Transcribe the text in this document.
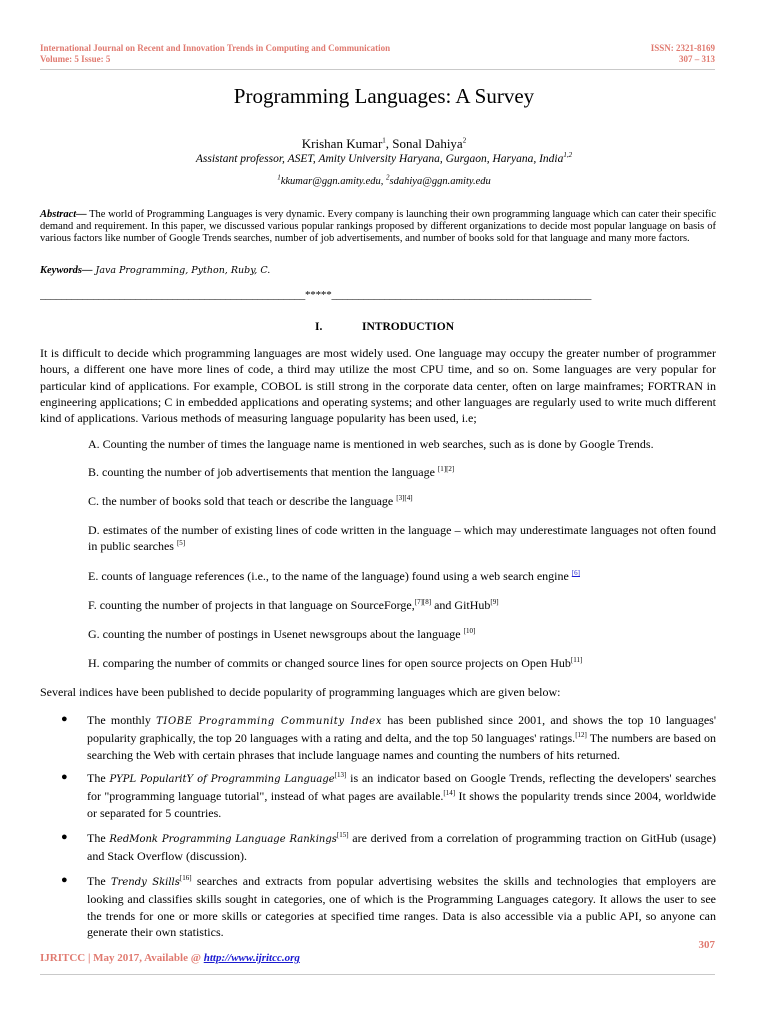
International Journal on Recent and Innovation Trends in Computing and Communication
Volume: 5 Issue: 5
ISSN: 2321-8169
307 – 313
Programming Languages: A Survey
Krishan Kumar$^1$, Sonal Dahiya$^2$
Assistant professor, ASET, Amity University Haryana, Gurgaon, Haryana, India$^{1,2}$
$^1$kkumar@ggn.amity.edu, $^2$sdahiya@ggn.amity.edu
Abstract— The world of Programming Languages is very dynamic. Every company is launching their own programming language which can cater their specific demand and requirement. In this paper, we discussed various popular rankings proposed by different organizations to decide most popular language on basis of various factors like number of Google Trends searches, number of job advertisements, and number of books sold for that language and many more factors.
Keywords— Java Programming, Python, Ruby, C.
__________________________________________________*****_________________________________________________
I.	INTRODUCTION
It is difficult to decide which programming languages are most widely used. One language may occupy the greater number of programmer hours, a different one have more lines of code, a third may utilize the most CPU time, and so on. Some languages are very popular for particular kind of applications. For example, COBOL is still strong in the corporate data center, often on large mainframes; FORTRAN in engineering applications; C in embedded applications and operating systems; and other languages are regularly used to write much different kind of applications. Various methods of measuring language popularity has been used, i.e;
A. Counting the number of times the language name is mentioned in web searches, such as is done by Google Trends.
B. counting the number of job advertisements that mention the language [1][2]
C. the number of books sold that teach or describe the language [3][4]
D. estimates of the number of existing lines of code written in the language – which may underestimate languages not often found in public searches [5]
E. counts of language references (i.e., to the name of the language) found using a web search engine [6]
F. counting the number of projects in that language on SourceForge,[7][8] and GitHub[9]
G. counting the number of postings in Usenet newsgroups about the language [10]
H. comparing the number of commits or changed source lines for open source projects on Open Hub[11]
Several indices have been published to decide popularity of programming languages which are given below:
● The monthly TIOBE Programming Community Index has been published since 2001, and shows the top 10 languages' popularity graphically, the top 20 languages with a rating and delta, and the top 50 languages' ratings.[12] The numbers are based on searching the Web with certain phrases that include language names and counting the numbers of hits returned.
● The PYPL PopularitY of Programming Language[13] is an indicator based on Google Trends, reflecting the developers' searches for "programming language tutorial", instead of what pages are available.[14] It shows the popularity trends since 2004, worldwide or separated for 5 countries.
● The RedMonk Programming Language Rankings[15] are derived from a correlation of programming traction on GitHub (usage) and Stack Overflow (discussion).
● The Trendy Skills[16] searches and extracts from popular advertising websites the skills and technologies that employers are looking and classifies skills sought in categories, one of which is the Programming Languages category. It allows the user to see the trends for one or more skills or categories at specified time ranges. Data is also accessible via a public API, so anyone can generate their own statistics.
307
IJRITCC | May 2017, Available @ http://www.ijritcc.org
